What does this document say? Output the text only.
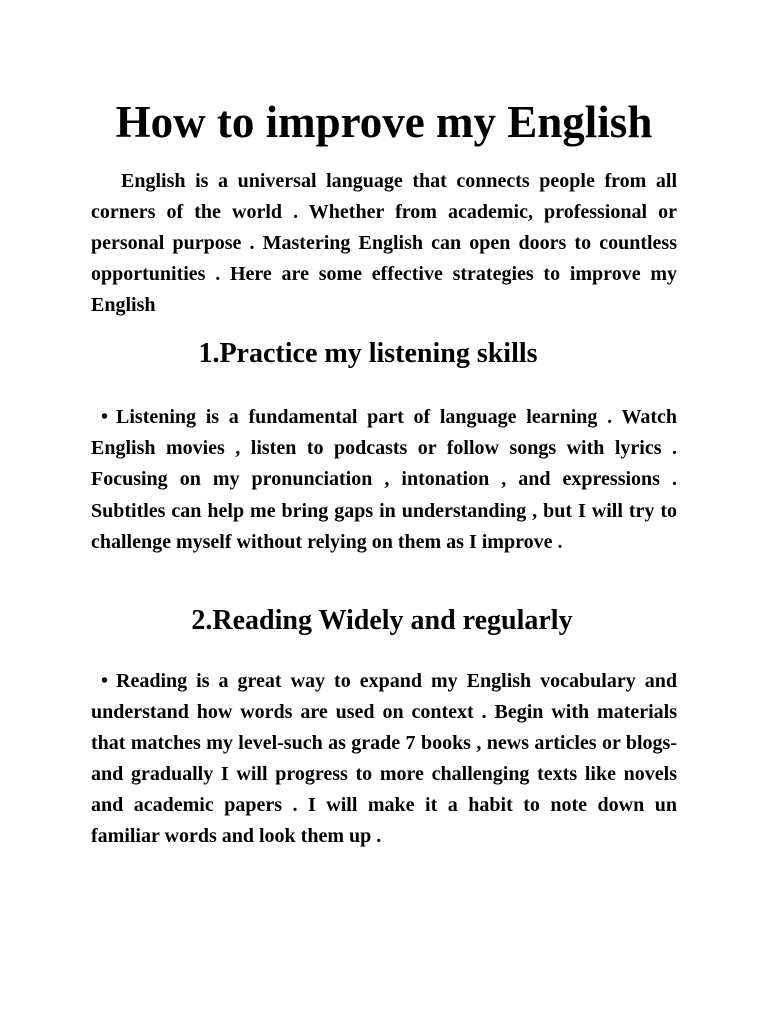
How to improve my English

English is a universal language that connects people from all corners of the world . Whether from academic, professional or personal purpose . Mastering English can open doors to countless opportunities . Here are some effective strategies to improve my English

1.Practice my listening skills

• Listening is a fundamental part of language learning . Watch English movies , listen to podcasts or follow songs with lyrics . Focusing on my pronunciation , intonation , and expressions . Subtitles can help me bring gaps in understanding , but I will try to challenge myself without relying on them as I improve .

2.Reading Widely and regularly

• Reading is a great way to expand my English vocabulary and understand how words are used on context . Begin with materials that matches my level-such as grade 7 books , news articles or blogs-and gradually I will progress to more challenging texts like novels and academic papers . I will make it a habit to note down un familiar words and look them up .
